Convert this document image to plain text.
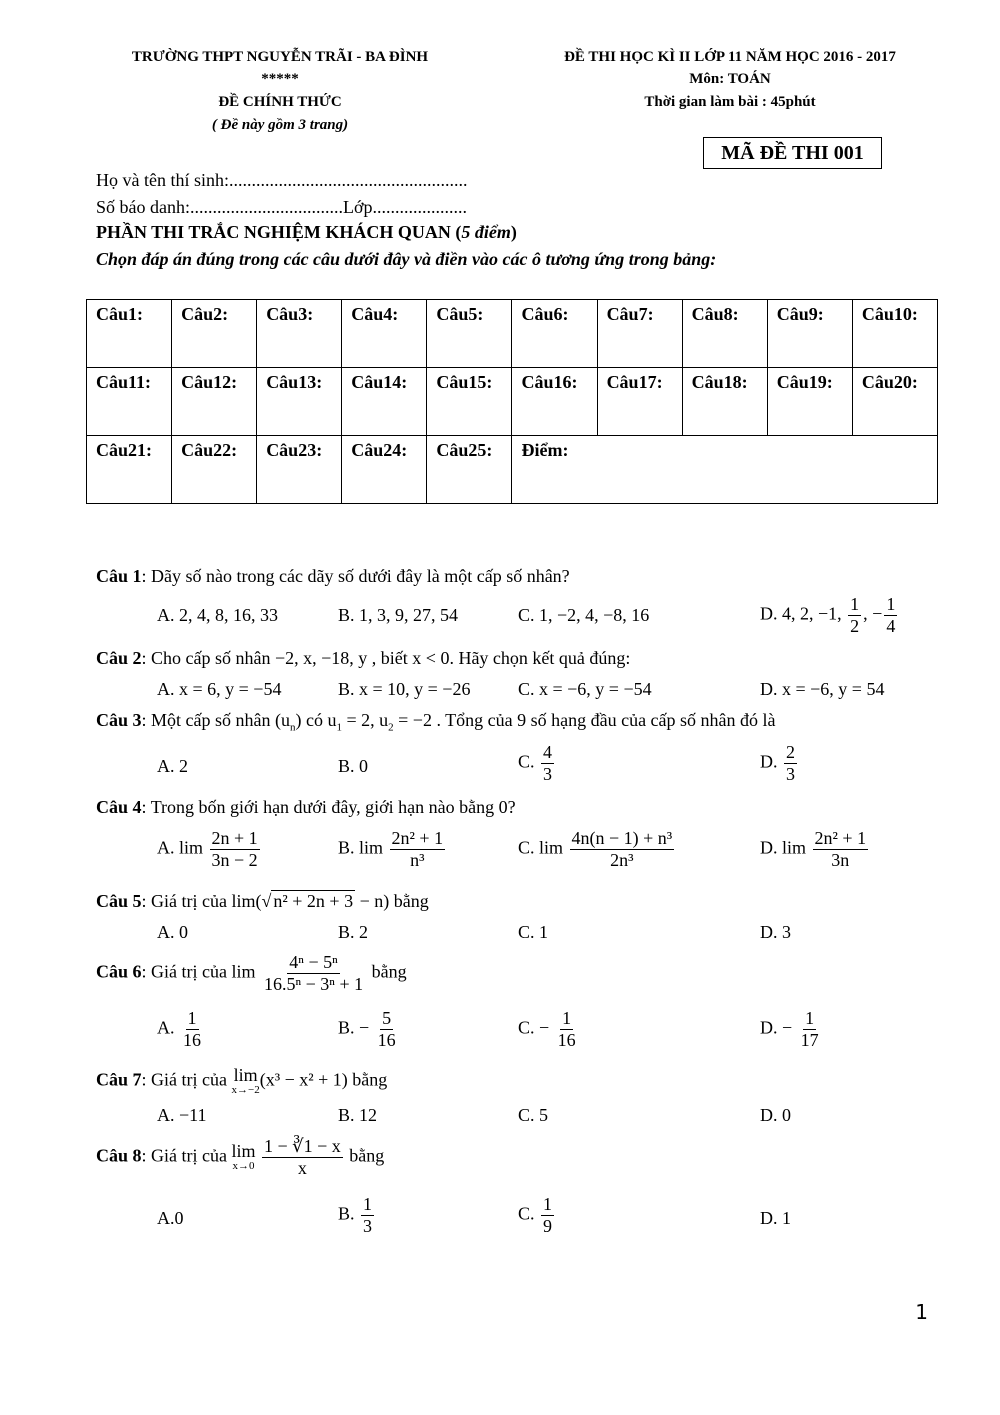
TRƯỜNG THPT NGUYỄN TRÃI - BA ĐÌNH
*****
ĐỀ CHÍNH THỨC
( Đề này gồm 3 trang)
ĐỀ THI HỌC KÌ II LỚP 11 NĂM HỌC 2016 - 2017
Môn: TOÁN
Thời gian làm bài : 45phút
MÃ ĐỀ THI 001
Họ và tên thí sinh:.....................................................
Số báo danh:..................................Lớp.....................
PHẦN THI TRẮC NGHIỆM KHÁCH QUAN (5 điểm)
Chọn đáp án đúng trong các câu dưới đây và điền vào các ô tương ứng trong bảng:
Câu1:	Câu2:	Câu3:	Câu4:	Câu5:	Câu6:	Câu7:	Câu8:	Câu9:	Câu10:
Câu11:	Câu12:	Câu13:	Câu14:	Câu15:	Câu16:	Câu17:	Câu18:	Câu19:	Câu20:
Câu21:	Câu22:	Câu23:	Câu24:	Câu25:	Điểm:				
Câu 1: Dãy số nào trong các dãy số dưới đây là một cấp số nhân?
A. 2, 4, 8, 16, 33	B. 1, 3, 9, 27, 54	C. 1, −2, 4, −8, 16	D. 4, 2, −1, $\frac{1}{2}$ , − $\frac{1}{4}$
Câu 2: Cho cấp số nhân −2, x, −18, y , biết x < 0. Hãy chọn kết quả đúng:
A. x = 6, y = −54	B. x = 10, y = −26	C. x = −6, y = −54	D. x = −6, y = 54
Câu 3: Một cấp số nhân $(u_n)$ có $u_1 = 2$, $u_2 = -2$ . Tổng của 9 số hạng đầu của cấp số nhân đó là
A. 2	B. 0	C. $\frac{4}{3}$	D. $\frac{2}{3}$
Câu 4: Trong bốn giới hạn dưới đây, giới hạn nào bằng 0?
A. $\lim \frac{2n + 1}{3n - 2}$	B. $\lim \frac{\text{2n² + 1}}{\text{n³}}$	C. $\lim \frac{\text{4n(n − 1) + n³}}{\text{2n³}}$	D. $\lim \frac{\text{2n² + 1}}{3n}$
Câu 5: Giá trị của lim(√ n² + 2n + 3 − n) bằng
A. 0	B. 2	C. 1	D. 3
Câu 6: Giá trị của $\lim \frac{\text{4ⁿ − 5ⁿ}}{\text{16.5ⁿ − 3ⁿ + 1}}$ bằng
A. $\frac{1}{16}$	B. − $\frac{5}{16}$	C. − $\frac{1}{16}$	D. − $\frac{1}{17}$
Câu 7: Giá trị của lim
x→−2
(x³ − x² + 1) bằng
A. −11	B. 12	C. 5	D. 0
Câu 8: Giá trị của lim
x→0
$\frac{1 - ∛1 - x}{x}$ bằng
A.0	B. $\frac{1}{3}$	C. $\frac{1}{9}$	D. 1
1
